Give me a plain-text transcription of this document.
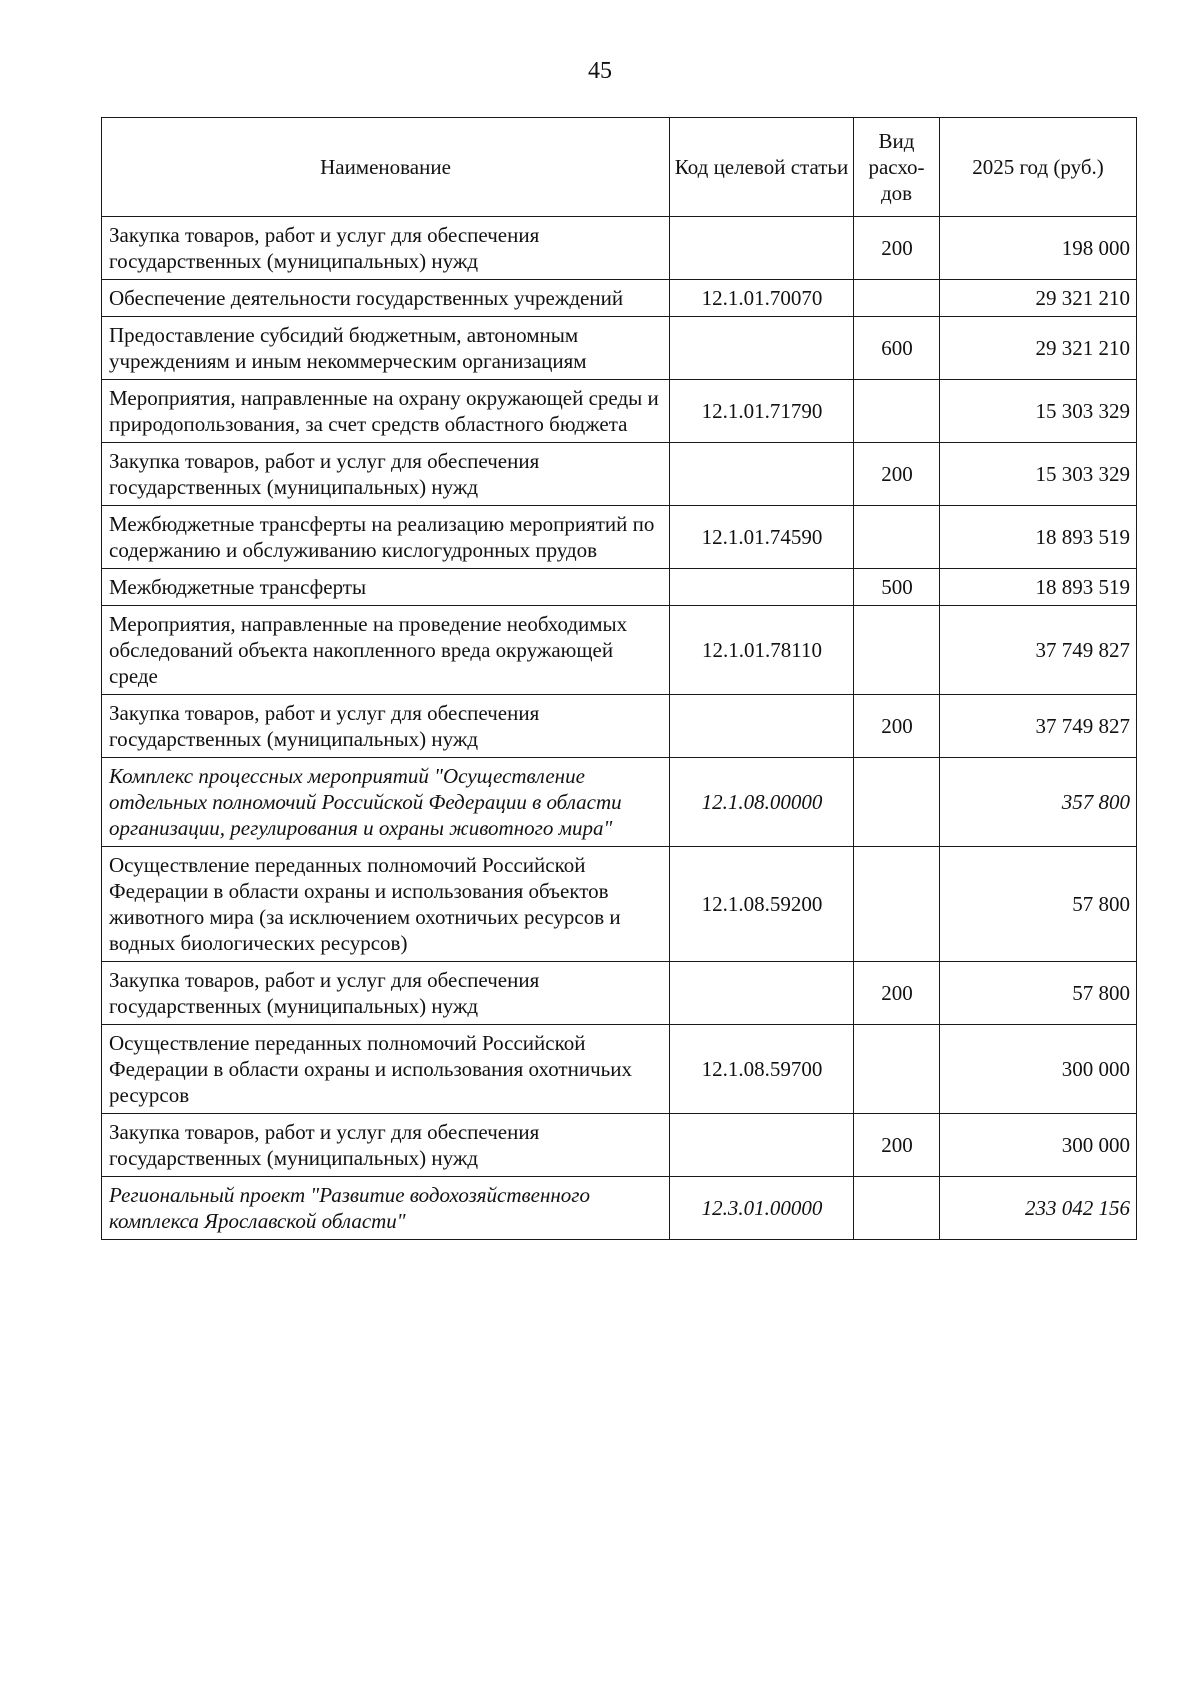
45
Наименование	Код целевой статьи	Вид расхо-дов	2025 год (руб.)
Закупка товаров, работ и услуг для обеспечения государственных (муниципальных) нужд		200	198 000
Обеспечение деятельности государственных учреждений	12.1.01.70070		29 321 210
Предоставление субсидий бюджетным, автономным учреждениям и иным некоммерческим организациям		600	29 321 210
Мероприятия, направленные на охрану окружающей среды и природопользования, за счет средств областного бюджета	12.1.01.71790		15 303 329
Закупка товаров, работ и услуг для обеспечения государственных (муниципальных) нужд		200	15 303 329
Межбюджетные трансферты на реализацию мероприятий по содержанию и обслуживанию кислогудронных прудов	12.1.01.74590		18 893 519
Межбюджетные трансферты		500	18 893 519
Мероприятия, направленные на проведение необходимых обследований объекта накопленного вреда окружающей среде	12.1.01.78110		37 749 827
Закупка товаров, работ и услуг для обеспечения государственных (муниципальных) нужд		200	37 749 827
Комплекс процессных мероприятий "Осуществление отдельных полномочий Российской Федерации в области организации, регулирования и охраны животного мира"	12.1.08.00000		357 800
Осуществление переданных полномочий Российской Федерации в области охраны и использования объектов животного мира (за исключением охотничьих ресурсов и водных биологических ресурсов)	12.1.08.59200		57 800
Закупка товаров, работ и услуг для обеспечения государственных (муниципальных) нужд		200	57 800
Осуществление переданных полномочий Российской Федерации в области охраны и использования охотничьих ресурсов	12.1.08.59700		300 000
Закупка товаров, работ и услуг для обеспечения государственных (муниципальных) нужд		200	300 000
Региональный проект "Развитие водохозяйственного комплекса Ярославской области"	12.3.01.00000		233 042 156
